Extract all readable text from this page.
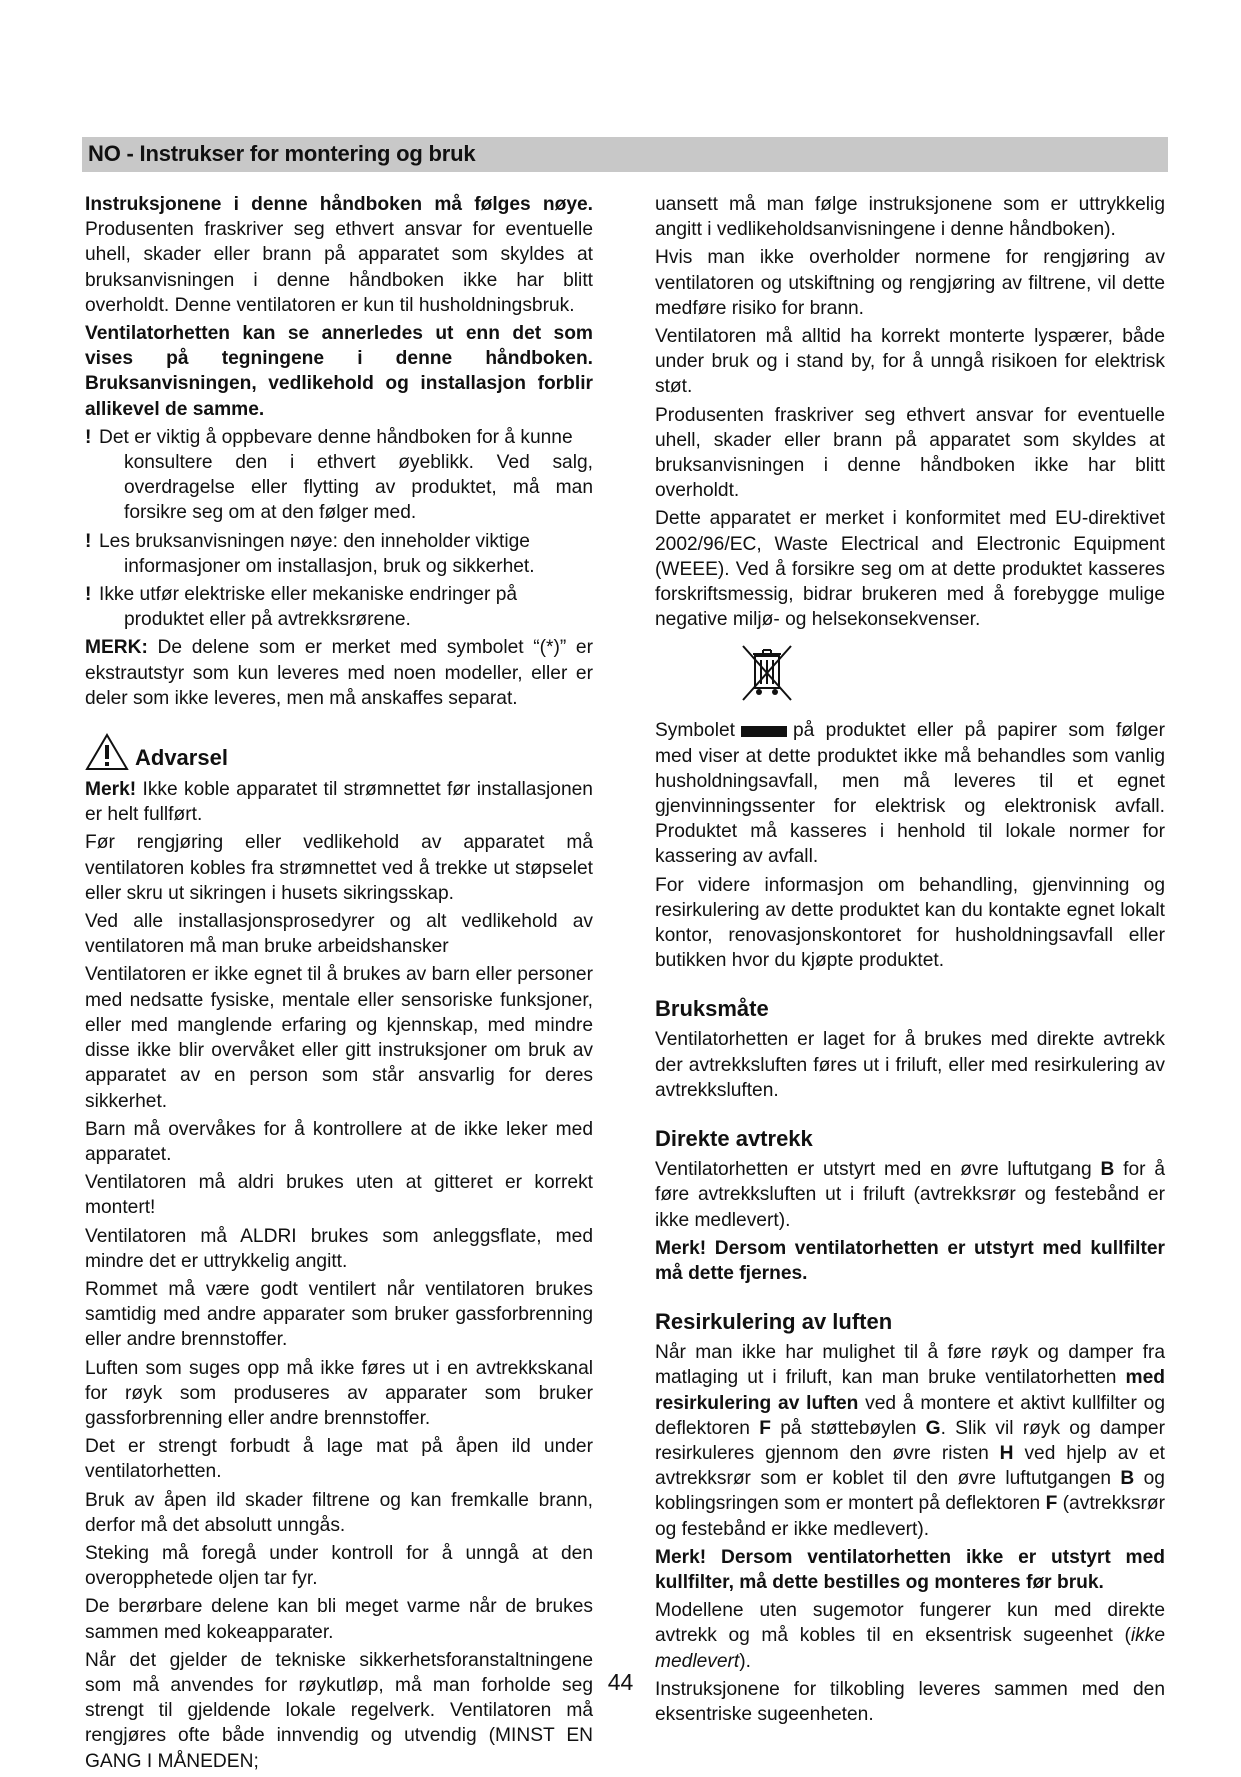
NO - Instrukser for montering og bruk

Instruksjonene i denne håndboken må følges nøye. Produsenten fraskriver seg ethvert ansvar for eventuelle uhell, skader eller brann på apparatet som skyldes at bruksanvisningen i denne håndboken ikke har blitt overholdt. Denne ventilatoren er kun til husholdningsbruk.

Ventilatorhetten kan se annerledes ut enn det som vises på tegningene i denne håndboken. Bruksanvisningen, vedlikehold og installasjon forblir allikevel de samme.

! Det er viktig å oppbevare denne håndboken for å kunne
konsultere den i ethvert øyeblikk. Ved salg, overdragelse eller flytting av produktet, må man forsikre seg om at den følger med.
! Les bruksanvisningen nøye: den inneholder viktige
informasjoner om installasjon, bruk og sikkerhet.
! Ikke utfør elektriske eller mekaniske endringer på
produktet eller på avtrekksrørene.

MERK: De delene som er merket med symbolet “(*)” er ekstrautstyr som kun leveres med noen modeller, eller er deler som ikke leveres, men må anskaffes separat.

Advarsel

Merk! Ikke koble apparatet til strømnettet før installasjonen er helt fullført.

Før rengjøring eller vedlikehold av apparatet må ventilatoren kobles fra strømnettet ved å trekke ut støpselet eller skru ut sikringen i husets sikringsskap.

Ved alle installasjonsprosedyrer og alt vedlikehold av ventilatoren må man bruke arbeidshansker

Ventilatoren er ikke egnet til å brukes av barn eller personer med nedsatte fysiske, mentale eller sensoriske funksjoner, eller med manglende erfaring og kjennskap, med mindre disse ikke blir overvåket eller gitt instruksjoner om bruk av apparatet av en person som står ansvarlig for deres sikkerhet.

Barn må overvåkes for å kontrollere at de ikke leker med apparatet.

Ventilatoren må aldri brukes uten at gitteret er korrekt montert!

Ventilatoren må ALDRI brukes som anleggsflate, med mindre det er uttrykkelig angitt.

Rommet må være godt ventilert når ventilatoren brukes samtidig med andre apparater som bruker gassforbrenning eller andre brennstoffer.

Luften som suges opp må ikke føres ut i en avtrekkskanal for røyk som produseres av apparater som bruker gassforbrenning eller andre brennstoffer.

Det er strengt forbudt å lage mat på åpen ild under ventilatorhetten.

Bruk av åpen ild skader filtrene og kan fremkalle brann, derfor må det absolutt unngås.

Steking må foregå under kontroll for å unngå at den overopphetede oljen tar fyr.

De berørbare delene kan bli meget varme når de brukes sammen med kokeapparater.

Når det gjelder de tekniske sikkerhetsforanstaltningene som må anvendes for røykutløp, må man forholde seg strengt til gjeldende lokale regelverk. Ventilatoren må rengjøres ofte både innvendig og utvendig (MINST EN GANG I MÅNEDEN;

uansett må man følge instruksjonene som er uttrykkelig angitt i vedlikeholdsanvisningene i denne håndboken).

Hvis man ikke overholder normene for rengjøring av ventilatoren og utskiftning og rengjøring av filtrene, vil dette medføre risiko for brann.

Ventilatoren må alltid ha korrekt monterte lyspærer, både under bruk og i stand by, for å unngå risikoen for elektrisk støt.

Produsenten fraskriver seg ethvert ansvar for eventuelle uhell, skader eller brann på apparatet som skyldes at bruksanvisningen i denne håndboken ikke har blitt overholdt.

Dette apparatet er merket i konformitet med EU-direktivet 2002/96/EC, Waste Electrical and Electronic Equipment (WEEE). Ved å forsikre seg om at dette produktet kasseres forskriftsmessig, bidrar brukeren med å forebygge mulige negative miljø- og helsekonsekvenser.

Symbolet	på produktet eller på papirer som følger med viser at dette produktet ikke må behandles som vanlig husholdningsavfall, men må leveres til et egnet gjenvinningssenter for elektrisk og elektronisk avfall. Produktet må kasseres i henhold til lokale normer for kassering av avfall.

For videre informasjon om behandling, gjenvinning og resirkulering av dette produktet kan du kontakte egnet lokalt kontor, renovasjonskontoret for husholdningsavfall eller butikken hvor du kjøpte produktet.

Bruksmåte

Ventilatorhetten er laget for å brukes med direkte avtrekk der avtrekksluften føres ut i friluft, eller med resirkulering av avtrekksluften.

Direkte avtrekk

Ventilatorhetten er utstyrt med en øvre luftutgang B for å føre avtrekksluften ut i friluft (avtrekksrør og festebånd er ikke medlevert).

Merk! Dersom ventilatorhetten er utstyrt med kullfilter må dette fjernes.

Resirkulering av luften

Når man ikke har mulighet til å føre røyk og damper fra matlaging ut i friluft, kan man bruke ventilatorhetten med resirkulering av luften ved å montere et aktivt kullfilter og deflektoren F på støttebøylen G. Slik vil røyk og damper resirkuleres gjennom den øvre risten H ved hjelp av et avtrekksrør som er koblet til den øvre luftutgangen B og koblingsringen som er montert på deflektoren F (avtrekksrør og festebånd er ikke medlevert).

Merk! Dersom ventilatorhetten ikke er utstyrt med kullfilter, må dette bestilles og monteres før bruk.

Modellene uten sugemotor fungerer kun med direkte avtrekk og må kobles til en eksentrisk sugeenhet (ikke medlevert).

Instruksjonene for tilkobling leveres sammen med den eksentriske sugeenheten.

44
